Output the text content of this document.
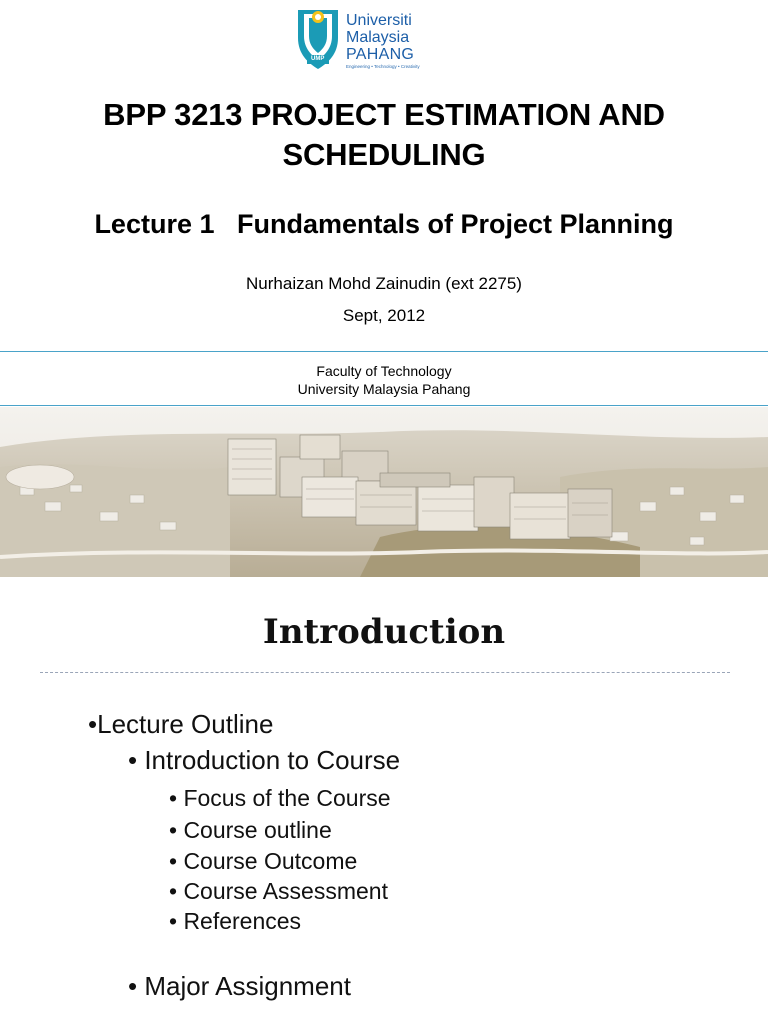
UMP
Universiti
Malaysia
PAHANG
Engineering • Technology • Creativity
BPP 3213 PROJECT ESTIMATION AND
SCHEDULING
Lecture 1   Fundamentals of Project Planning
Nurhaizan Mohd Zainudin (ext 2275)
Sept, 2012
Faculty of Technology
University Malaysia Pahang
Introduction
•Lecture Outline
• Introduction to Course
• Focus of the Course
• Course outline
• Course Outcome
• Course Assessment
• References
• Major Assignment
